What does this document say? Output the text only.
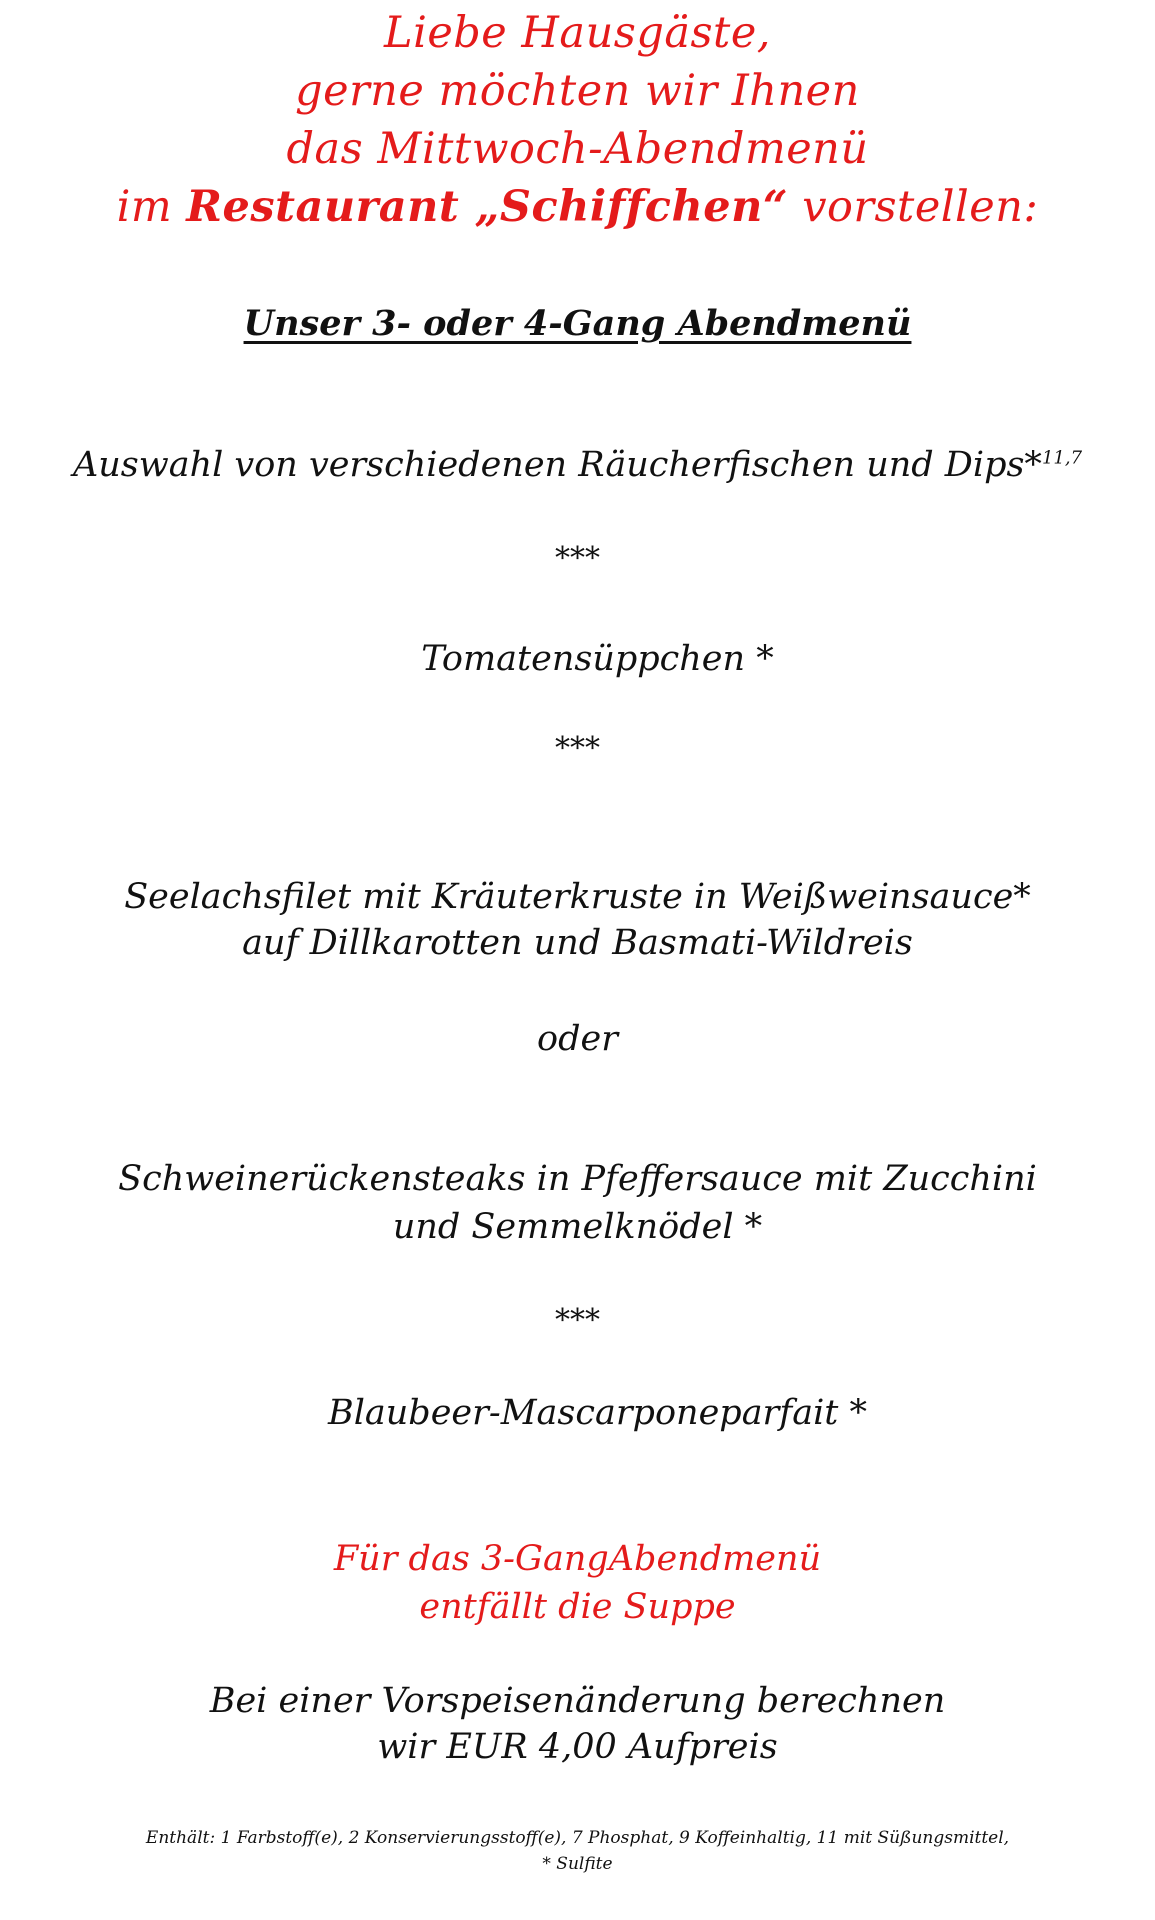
Liebe Hausgäste,
gerne möchten wir Ihnen
das Mittwoch-Abendmenü
im Restaurant „Schiffchen“ vorstellen:
Unser 3- oder 4-Gang Abendmenü
Auswahl von verschiedenen Räucherfischen und Dips*$^{11,7}$
***
Tomatensüppchen *
***
Seelachsfilet mit Kräuterkruste in Weißweinsauce*
auf Dillkarotten und Basmati-Wildreis
oder
Schweinerückensteaks in Pfeffersauce mit Zucchini
und Semmelknödel *
***
Blaubeer-Mascarponeparfait *
Für das 3-GangAbendmenü
entfällt die Suppe
Bei einer Vorspeisenänderung berechnen
wir EUR 4,00 Aufpreis
Enthält: 1 Farbstoff(e), 2 Konservierungsstoff(e), 7 Phosphat, 9 Koffeinhaltig, 11 mit Süßungsmittel,
* Sulfite
